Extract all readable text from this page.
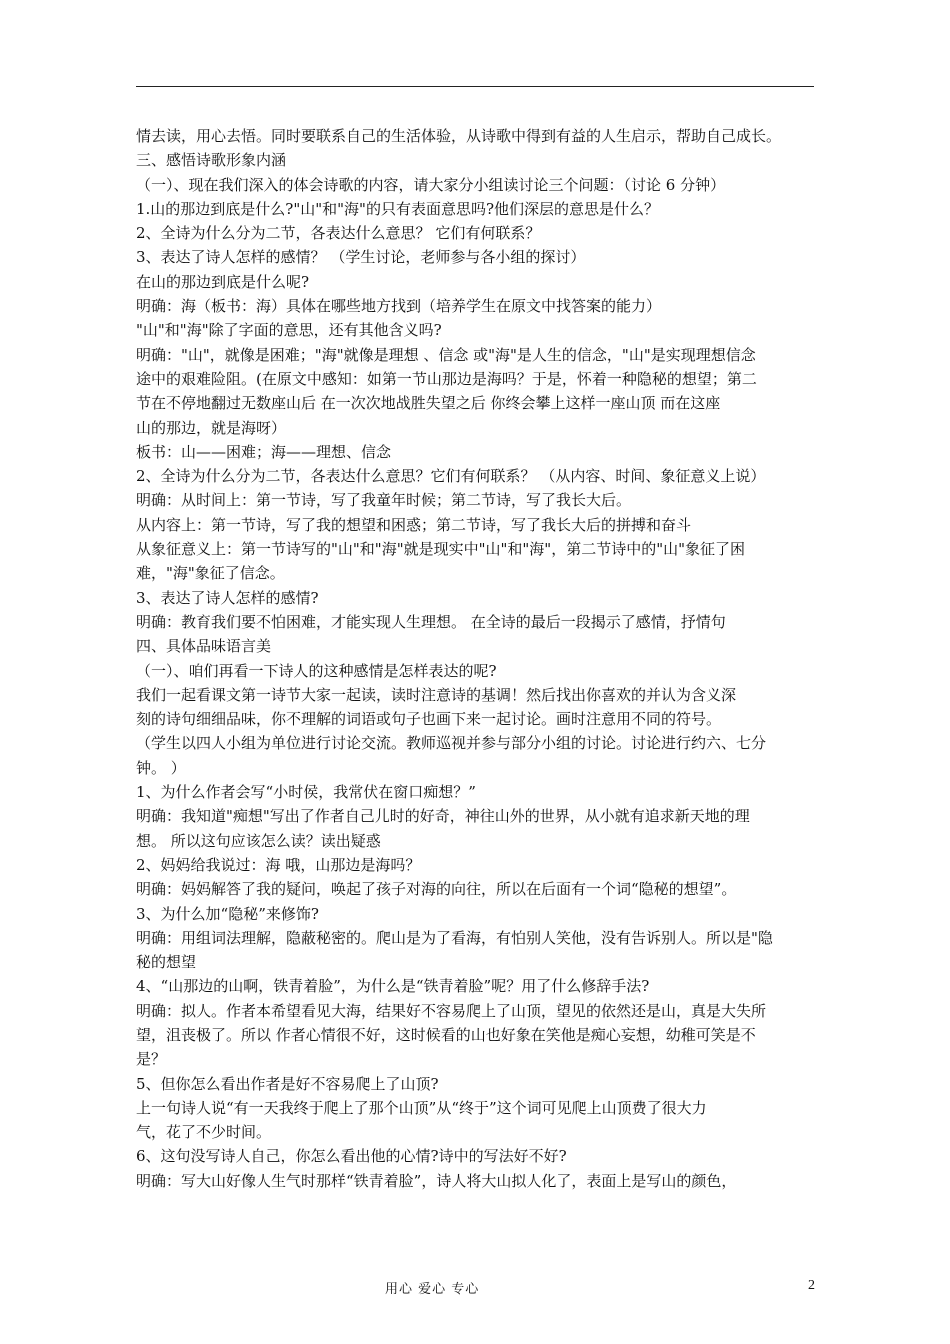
情去读，用心去悟。同时要联系自己的生活体验，从诗歌中得到有益的人生启示，帮助自己成长。
三、感悟诗歌形象内涵
（一）、现在我们深入的体会诗歌的内容，请大家分小组读讨论三个问题：（讨论 6 分钟）
1.山的那边到底是什么?"山"和"海"的只有表面意思吗?他们深层的意思是什么？
2、全诗为什么分为二节，各表达什么意思？ 它们有何联系？
3、表达了诗人怎样的感情？ （学生讨论，老师参与各小组的探讨）
在山的那边到底是什么呢?
明确：海（板书：海）具体在哪些地方找到（培养学生在原文中找答案的能力）
"山"和"海"除了字面的意思，还有其他含义吗?
明确："山"，就像是困难；"海"就像是理想 、信念 或"海"是人生的信念，"山"是实现理想信念
途中的艰难险阻。(在原文中感知：如第一节山那边是海吗？于是，怀着一种隐秘的想望；第二
节在不停地翻过无数座山后 在一次次地战胜失望之后 你终会攀上这样一座山顶 而在这座
山的那边，就是海呀）
板书：山——困难；海——理想、信念
2、全诗为什么分为二节，各表达什么意思？它们有何联系？ （从内容、时间、象征意义上说）
明确：从时间上：第一节诗，写了我童年时候；第二节诗，写了我长大后。
从内容上：第一节诗，写了我的想望和困惑；第二节诗，写了我长大后的拼搏和奋斗
从象征意义上：第一节诗写的"山"和"海"就是现实中"山"和"海"，第二节诗中的"山"象征了困
难，"海"象征了信念。
3、表达了诗人怎样的感情?
明确：教育我们要不怕困难，才能实现人生理想。 在全诗的最后一段揭示了感情，抒情句
四、具体品味语言美
（一）、咱们再看一下诗人的这种感情是怎样表达的呢?
我们一起看课文第一诗节大家一起读，读时注意诗的基调！然后找出你喜欢的并认为含义深
刻的诗句细细品味，你不理解的词语或句子也画下来一起讨论。画时注意用不同的符号。
（学生以四人小组为单位进行讨论交流。教师巡视并参与部分小组的讨论。讨论进行约六、七分
钟。 ）
1、为什么作者会写“小时侯，我常伏在窗口痴想？”
明确：我知道"痴想"写出了作者自己儿时的好奇，神往山外的世界，从小就有追求新天地的理
想。 所以这句应该怎么读？读出疑惑
2、妈妈给我说过：海 哦，山那边是海吗？
明确：妈妈解答了我的疑问，唤起了孩子对海的向往，所以在后面有一个词“隐秘的想望”。
3、为什么加“隐秘”来修饰?
明确：用组词法理解，隐蔽秘密的。爬山是为了看海，有怕别人笑他，没有告诉别人。所以是"隐
秘的想望
4、“山那边的山啊，铁青着脸”，为什么是“铁青着脸”呢？用了什么修辞手法?
明确：拟人。作者本希望看见大海，结果好不容易爬上了山顶，望见的依然还是山，真是大失所
望，沮丧极了。所以 作者心情很不好，这时候看的山也好象在笑他是痴心妄想，幼稚可笑是不
是？
5、但你怎么看出作者是好不容易爬上了山顶?
上一句诗人说“有一天我终于爬上了那个山顶”从“终于”这个词可见爬上山顶费了很大力
气，花了不少时间。
6、这句没写诗人自己，你怎么看出他的心情?诗中的写法好不好?
明确：写大山好像人生气时那样“铁青着脸”，诗人将大山拟人化了，表面上是写山的颜色，
用心 爱心 专心	2
